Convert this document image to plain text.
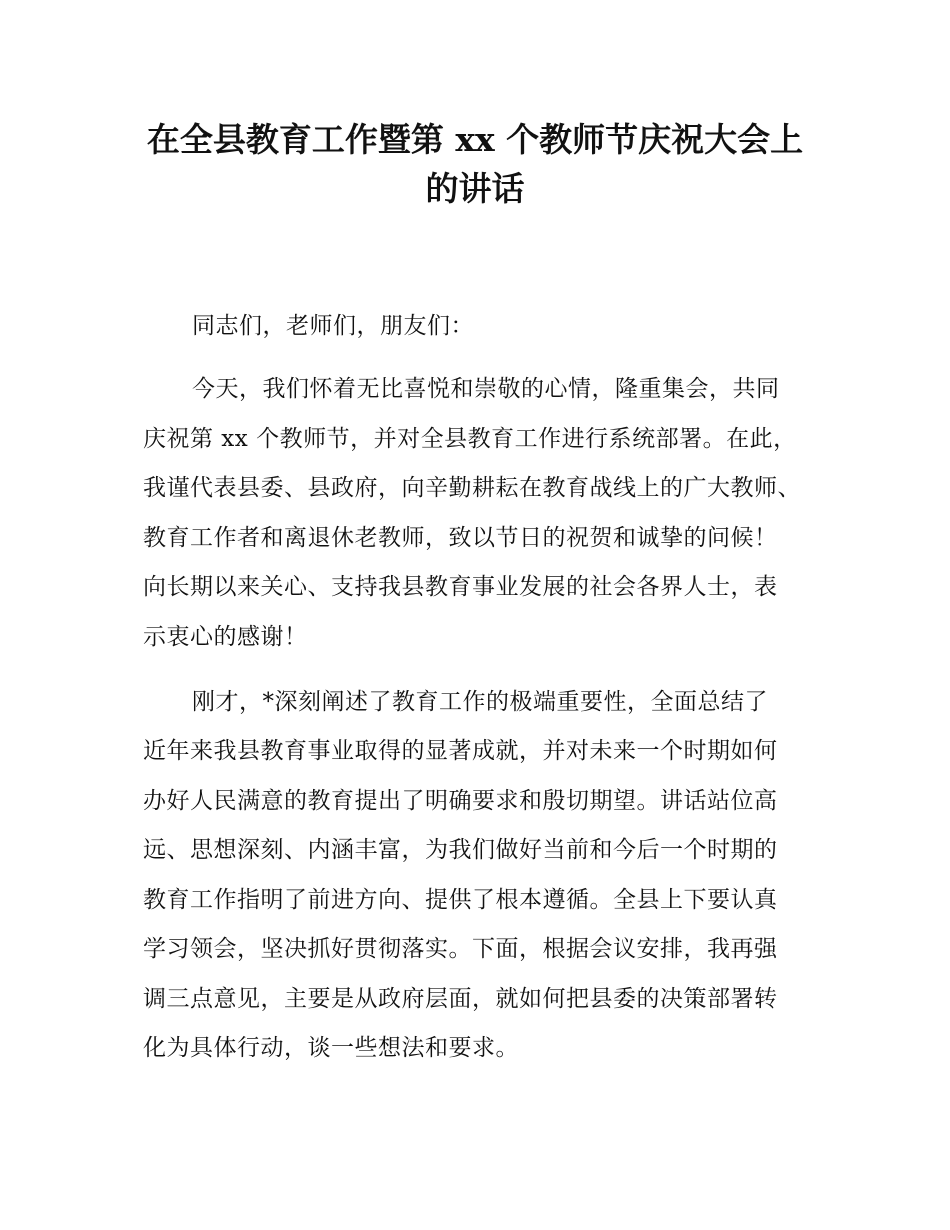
在全县教育工作暨第 xx 个教师节庆祝大会上
的讲话
同志们，老师们，朋友们：
今天，我们怀着无比喜悦和崇敬的心情，隆重集会，共同
庆祝第 xx 个教师节，并对全县教育工作进行系统部署。在此，
我谨代表县委、县政府，向辛勤耕耘在教育战线上的广大教师、
教育工作者和离退休老教师，致以节日的祝贺和诚挚的问候！
向长期以来关心、支持我县教育事业发展的社会各界人士，表
示衷心的感谢！
刚才，*深刻阐述了教育工作的极端重要性，全面总结了
近年来我县教育事业取得的显著成就，并对未来一个时期如何
办好人民满意的教育提出了明确要求和殷切期望。讲话站位高
远、思想深刻、内涵丰富，为我们做好当前和今后一个时期的
教育工作指明了前进方向、提供了根本遵循。全县上下要认真
学习领会，坚决抓好贯彻落实。下面，根据会议安排，我再强
调三点意见，主要是从政府层面，就如何把县委的决策部署转
化为具体行动，谈一些想法和要求。
